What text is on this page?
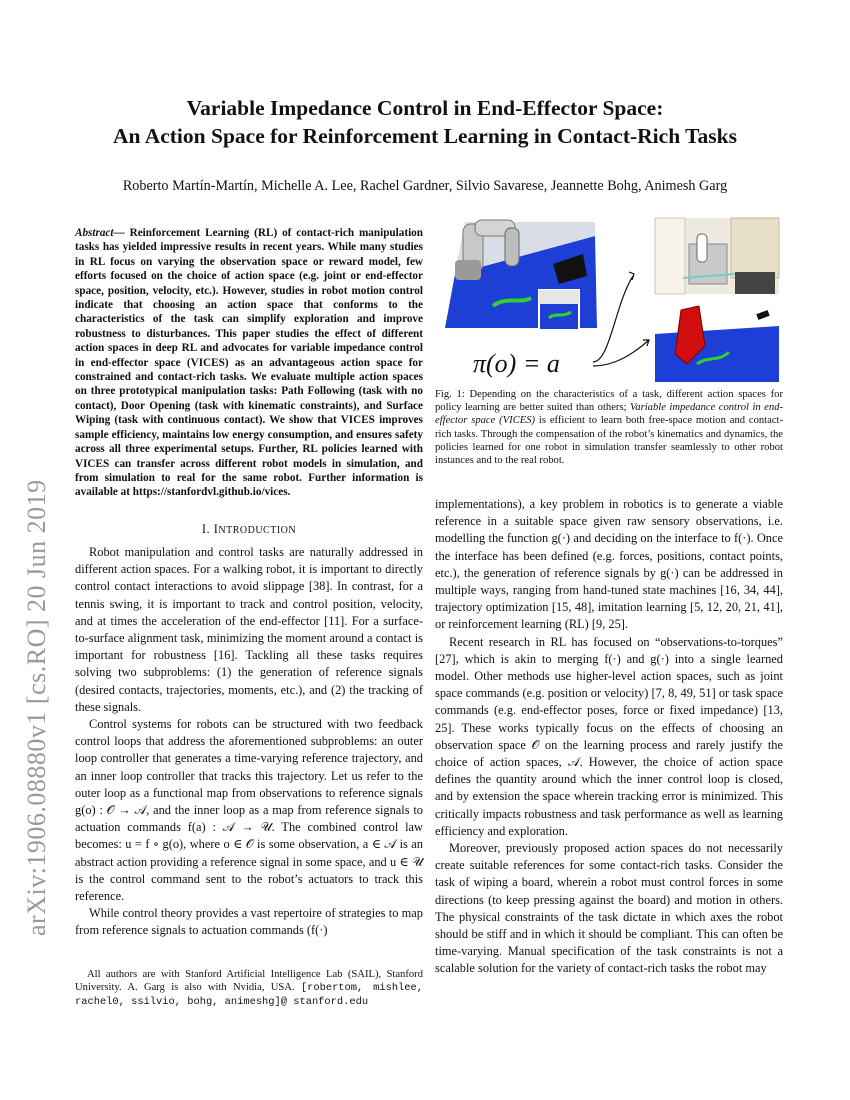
Variable Impedance Control in End-Effector Space:
An Action Space for Reinforcement Learning in Contact-Rich Tasks
Roberto Martín-Martín, Michelle A. Lee, Rachel Gardner, Silvio Savarese, Jeannette Bohg, Animesh Garg
arXiv:1906.08880v1 [cs.RO] 20 Jun 2019
Abstract— Reinforcement Learning (RL) of contact-rich manipulation tasks has yielded impressive results in recent years. While many studies in RL focus on varying the observation space or reward model, few efforts focused on the choice of action space (e.g. joint or end-effector space, position, velocity, etc.). However, studies in robot motion control indicate that choosing an action space that conforms to the characteristics of the task can simplify exploration and improve robustness to disturbances. This paper studies the effect of different action spaces in deep RL and advocates for variable impedance control in end-effector space (VICES) as an advantageous action space for constrained and contact-rich tasks. We evaluate multiple action spaces on three prototypical manipulation tasks: Path Following (task with no contact), Door Opening (task with kinematic constraints), and Surface Wiping (task with continuous contact). We show that VICES improves sample efficiency, maintains low energy consumption, and ensures safety across all three experimental setups. Further, RL policies learned with VICES can transfer across different robot models in simulation, and from simulation to real for the same robot. Further information is available at https://stanfordvl.github.io/vices.
I. INTRODUCTION

Robot manipulation and control tasks are naturally addressed in different action spaces. For a walking robot, it is important to directly control contact interactions to avoid slippage [38]. In contrast, for a tennis swing, it is important to track and control position, velocity, and at times the acceleration of the end-effector [11]. For a surface-to-surface alignment task, minimizing the moment around a contact is important for robustness [16]. Tackling all these tasks requires solving two subproblems: (1) the generation of reference signals (desired contacts, trajectories, moments, etc.), and (2) the tracking of these signals.

Control systems for robots can be structured with two feedback control loops that address the aforementioned subproblems: an outer loop controller that generates a time-varying reference trajectory, and an inner loop controller that tracks this trajectory. Let us refer to the outer loop as a functional map from observations to reference signals g(o) : 𝒪 → 𝒜, and the inner loop as a map from reference signals to actuation commands f(a) : 𝒜 → 𝒰. The combined control law becomes: u = f ∘ g(o), where o ∈ 𝒪 is some observation, a ∈ 𝒜 is an abstract action providing a reference signal in some space, and u ∈ 𝒰 is the control command sent to the robot’s actuators to track this reference.

While control theory provides a vast repertoire of strategies to map from reference signals to actuation commands (f(·)

All authors are with Stanford Artificial Intelligence Lab (SAIL), Stanford University. A. Garg is also with Nvidia, USA. [robertom, mishlee, rachel0, ssilvio, bohg, animeshg]@ stanford.edu
π(o) = a
Fig. 1: Depending on the characteristics of a task, different action spaces for policy learning are better suited than others; Variable impedance control in end-effector space (VICES) is efficient to learn both free-space motion and contact-rich tasks. Through the compensation of the robot’s kinematics and dynamics, the policies learned for one robot in simulation transfer seamlessly to other robot instances and to the real robot.

implementations), a key problem in robotics is to generate a viable reference in a suitable space given raw sensory observations, i.e. modelling the function g(·) and deciding on the interface to f(·). Once the interface has been defined (e.g. forces, positions, contact points, etc.), the generation of reference signals by g(·) can be addressed in multiple ways, ranging from hand-tuned state machines [16, 34, 44], trajectory optimization [15, 48], imitation learning [5, 12, 20, 21, 41], or reinforcement learning (RL) [9, 25].

Recent research in RL has focused on “observations-to-torques” [27], which is akin to merging f(·) and g(·) into a single learned model. Other methods use higher-level action spaces, such as joint space commands (e.g. position or velocity) [7, 8, 49, 51] or task space commands (e.g. end-effector poses, force or fixed impedance) [13, 25]. These works typically focus on the effects of choosing an observation space 𝒪 on the learning process and rarely justify the choice of action spaces, 𝒜. However, the choice of action space defines the quantity around which the inner control loop is closed, and by extension the space wherein tracking error is minimized. This critically impacts robustness and task performance as well as learning efficiency and exploration.

Moreover, previously proposed action spaces do not necessarily create suitable references for some contact-rich tasks. Consider the task of wiping a board, wherein a robot must control forces in some directions (to keep pressing against the board) and motion in others. The physical constraints of the task dictate in which axes the robot should be stiff and in which it should be compliant. This can often be time-varying. Manual specification of the task constraints is not a scalable solution for the variety of contact-rich tasks the robot may
